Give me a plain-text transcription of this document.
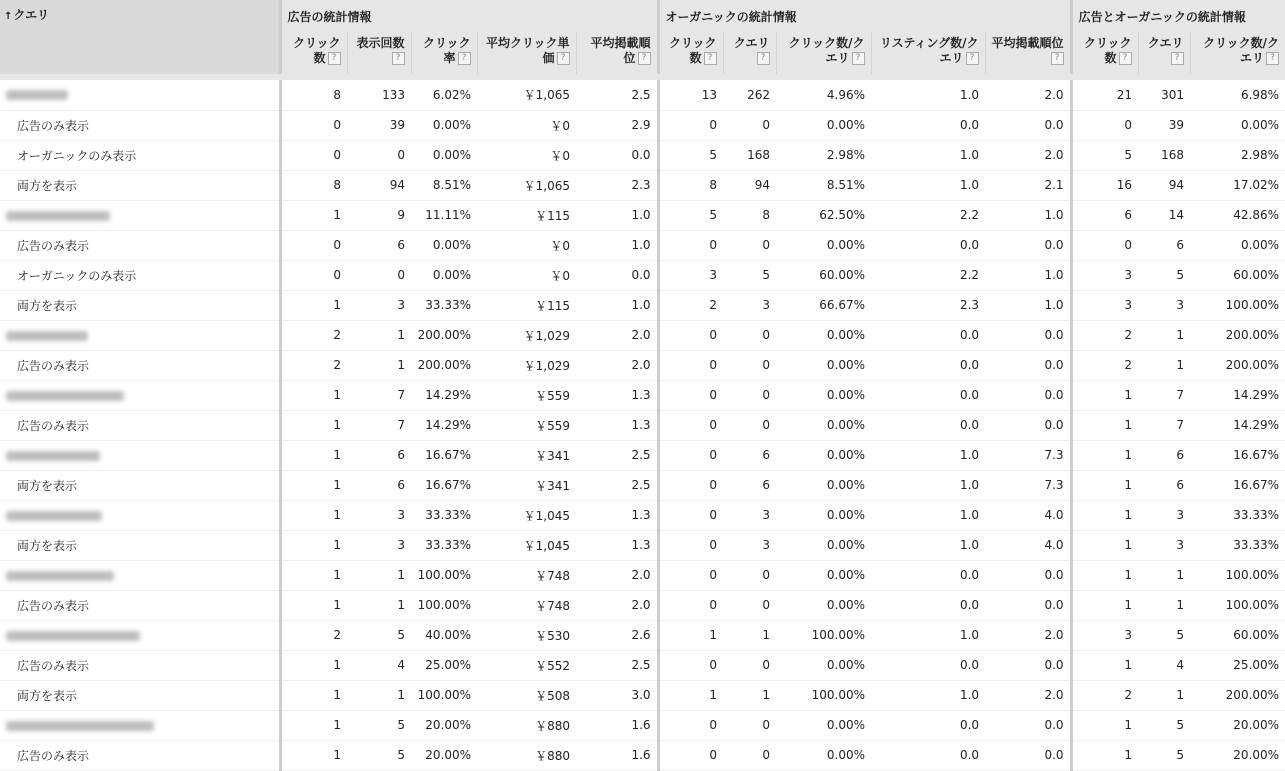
↑クエリ	広告の統計情報					オーガニックの統計情報					広告とオーガニックの統計情報		
	クリック数 ?	表示回数?	クリック率 ?	平均クリック単価 ?	平均掲載順位 ?	クリック数 ?	クエリ?	クリック数/クエリ ?	リスティング数/クエリ ?	平均掲載順位?	クリック数 ?	クエリ?	クリック数/クエリ ?

	8	133	6.02%	￥1,065	2.5	13	262	4.96%	1.0	2.0	21	301	6.98%
広告のみ表示	0	39	0.00%	￥0	2.9	0	0	0.00%	0.0	0.0	0	39	0.00%
オーガニックのみ表示	0	0	0.00%	￥0	0.0	5	168	2.98%	1.0	2.0	5	168	2.98%
両方を表示	8	94	8.51%	￥1,065	2.3	8	94	8.51%	1.0	2.1	16	94	17.02%
	1	9	11.11%	￥115	1.0	5	8	62.50%	2.2	1.0	6	14	42.86%
広告のみ表示	0	6	0.00%	￥0	1.0	0	0	0.00%	0.0	0.0	0	6	0.00%
オーガニックのみ表示	0	0	0.00%	￥0	0.0	3	5	60.00%	2.2	1.0	3	5	60.00%
両方を表示	1	3	33.33%	￥115	1.0	2	3	66.67%	2.3	1.0	3	3	100.00%
	2	1	200.00%	￥1,029	2.0	0	0	0.00%	0.0	0.0	2	1	200.00%
広告のみ表示	2	1	200.00%	￥1,029	2.0	0	0	0.00%	0.0	0.0	2	1	200.00%
	1	7	14.29%	￥559	1.3	0	0	0.00%	0.0	0.0	1	7	14.29%
広告のみ表示	1	7	14.29%	￥559	1.3	0	0	0.00%	0.0	0.0	1	7	14.29%
	1	6	16.67%	￥341	2.5	0	6	0.00%	1.0	7.3	1	6	16.67%
両方を表示	1	6	16.67%	￥341	2.5	0	6	0.00%	1.0	7.3	1	6	16.67%
	1	3	33.33%	￥1,045	1.3	0	3	0.00%	1.0	4.0	1	3	33.33%
両方を表示	1	3	33.33%	￥1,045	1.3	0	3	0.00%	1.0	4.0	1	3	33.33%
	1	1	100.00%	￥748	2.0	0	0	0.00%	0.0	0.0	1	1	100.00%
広告のみ表示	1	1	100.00%	￥748	2.0	0	0	0.00%	0.0	0.0	1	1	100.00%
	2	5	40.00%	￥530	2.6	1	1	100.00%	1.0	2.0	3	5	60.00%
広告のみ表示	1	4	25.00%	￥552	2.5	0	0	0.00%	0.0	0.0	1	4	25.00%
両方を表示	1	1	100.00%	￥508	3.0	1	1	100.00%	1.0	2.0	2	1	200.00%
	1	5	20.00%	￥880	1.6	0	0	0.00%	0.0	0.0	1	5	20.00%
広告のみ表示	1	5	20.00%	￥880	1.6	0	0	0.00%	0.0	0.0	1	5	20.00%
